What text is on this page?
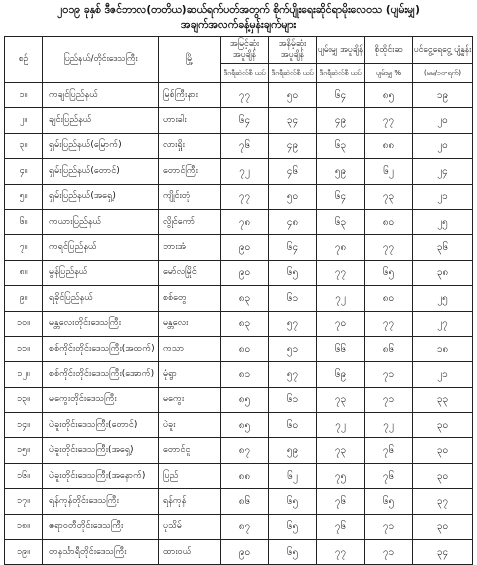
၂၀၁၉ ခုနှစ် ဒီဇင်ဘာလ(တတိယ)ဆယ်ရက်ပတ်အတွက် စိုက်ပျိုးရေးဆိုင်ရာမိုးလေဝသ (ပျမ်းမျှ)
အချက်အလက်ခန့်မှန်းချက်များ
စဉ်	ပြည်နယ်/တိုင်းဒေသကြီး	မြို့	အမြင့်ဆုံး အပူချိန်	အနိမ့်ဆုံး အပူချိန်	ပျမ်းမျှ အပူချိန်	စိုထိုင်းဆ	ပင်ငွေ့ရေငွေ့ ပျံ့နှုန်း
			ဒီဂရီဆဲလ်စီ ယပ်	ဒီဂရီဆဲလ်စီ ယပ်	ဒီဂရီဆဲလ်စီ ယပ်	ပျမ်းမျှ %	(မမ/၁၀-ရက်)
၁။	ကချင်ပြည်နယ်	မြစ်ကြီးနား	၇၇	၅၀	၆၄	၈၅	၁၉
၂။	ချင်းပြည်နယ်	ဟားခါး	၆၄	၃၄	၄၉	၇၇	၂၀
၃။	ရှမ်းပြည်နယ်(မြောက်)	လားရှိုး	၇၆	၄၉	၆၃	၈၈	၂၀
၄။	ရှမ်းပြည်နယ်(တောင်)	တောင်ကြီး	၇၂	၄၆	၅၉	၆၂	၂၄
၅။	ရှမ်းပြည်နယ်(အရှေ့)	ကျိုင်းတုံ	၇၇	၅၀	၆၄	၇၃	၂၁
၆။	ကယားပြည်နယ်	လွိုင်ကော်	၇၈	၄၈	၆၃	၈၀	၂၅
၇။	ကရင်ပြည်နယ်	ဘားအံ	၉၀	၆၄	၇၈	၇၇	၃၆
၈။	မွန်ပြည်နယ်	မော်လမြိုင်	၉၀	၆၅	၇၇	၆၅	၃၈
၉။	ရခိုင်ပြည်နယ်	စစ်တွေ	၈၃	၆၁	၇၂	၈၀	၂၅
၁၀။	မန္တလေးတိုင်းဒေသကြီး	မန္တလေး	၈၃	၅၇	၇၀	၇၇	၂၇
၁၁။	စစ်ကိုင်းတိုင်းဒေသကြီး(အထက်)	ကသာ	၈၀	၅၁	၆၆	၈၆	၁၈
၁၂။	စစ်ကိုင်းတိုင်းဒေသကြီး(အောက်)	မုံရွာ	၈၁	၅၇	၆၉	၇၁	၂၁
၁၃။	မကွေးတိုင်းဒေသကြီး	မကွေး	၈၅	၆၁	၇၃	၇၁	၃၃
၁၄။	ပဲခူးတိုင်းဒေသကြီး(တောင်)	ပဲခူး	၈၅	၆၀	၇၂	၇၂	၃၀
၁၅။	ပဲခူးတိုင်းဒေသကြီး(အရှေ့)	တောင်ငူ	၈၇	၅၉	၇၃	၇၆	၃၀
၁၆။	ပဲခူးတိုင်းဒေသကြီး(အနောက်)	ပြည်	၈၈	၆၂	၇၅	၇၆	၃၀
၁၇။	ရန်ကုန်တိုင်းဒေသကြီး	ရန်ကုန်	၈၆	၆၅	၇၆	၆၅	၃၇
၁၈။	ဧရာဝတီတိုင်းဒေသကြီး	ပုသိမ်	၈၇	၆၅	၇၆	၇၁	၃၀
၁၉။	တနင်္သာရီတိုင်းဒေသကြီး	ထားဝယ်	၉၀	၆၅	၇၇	၇၁	၃၄
